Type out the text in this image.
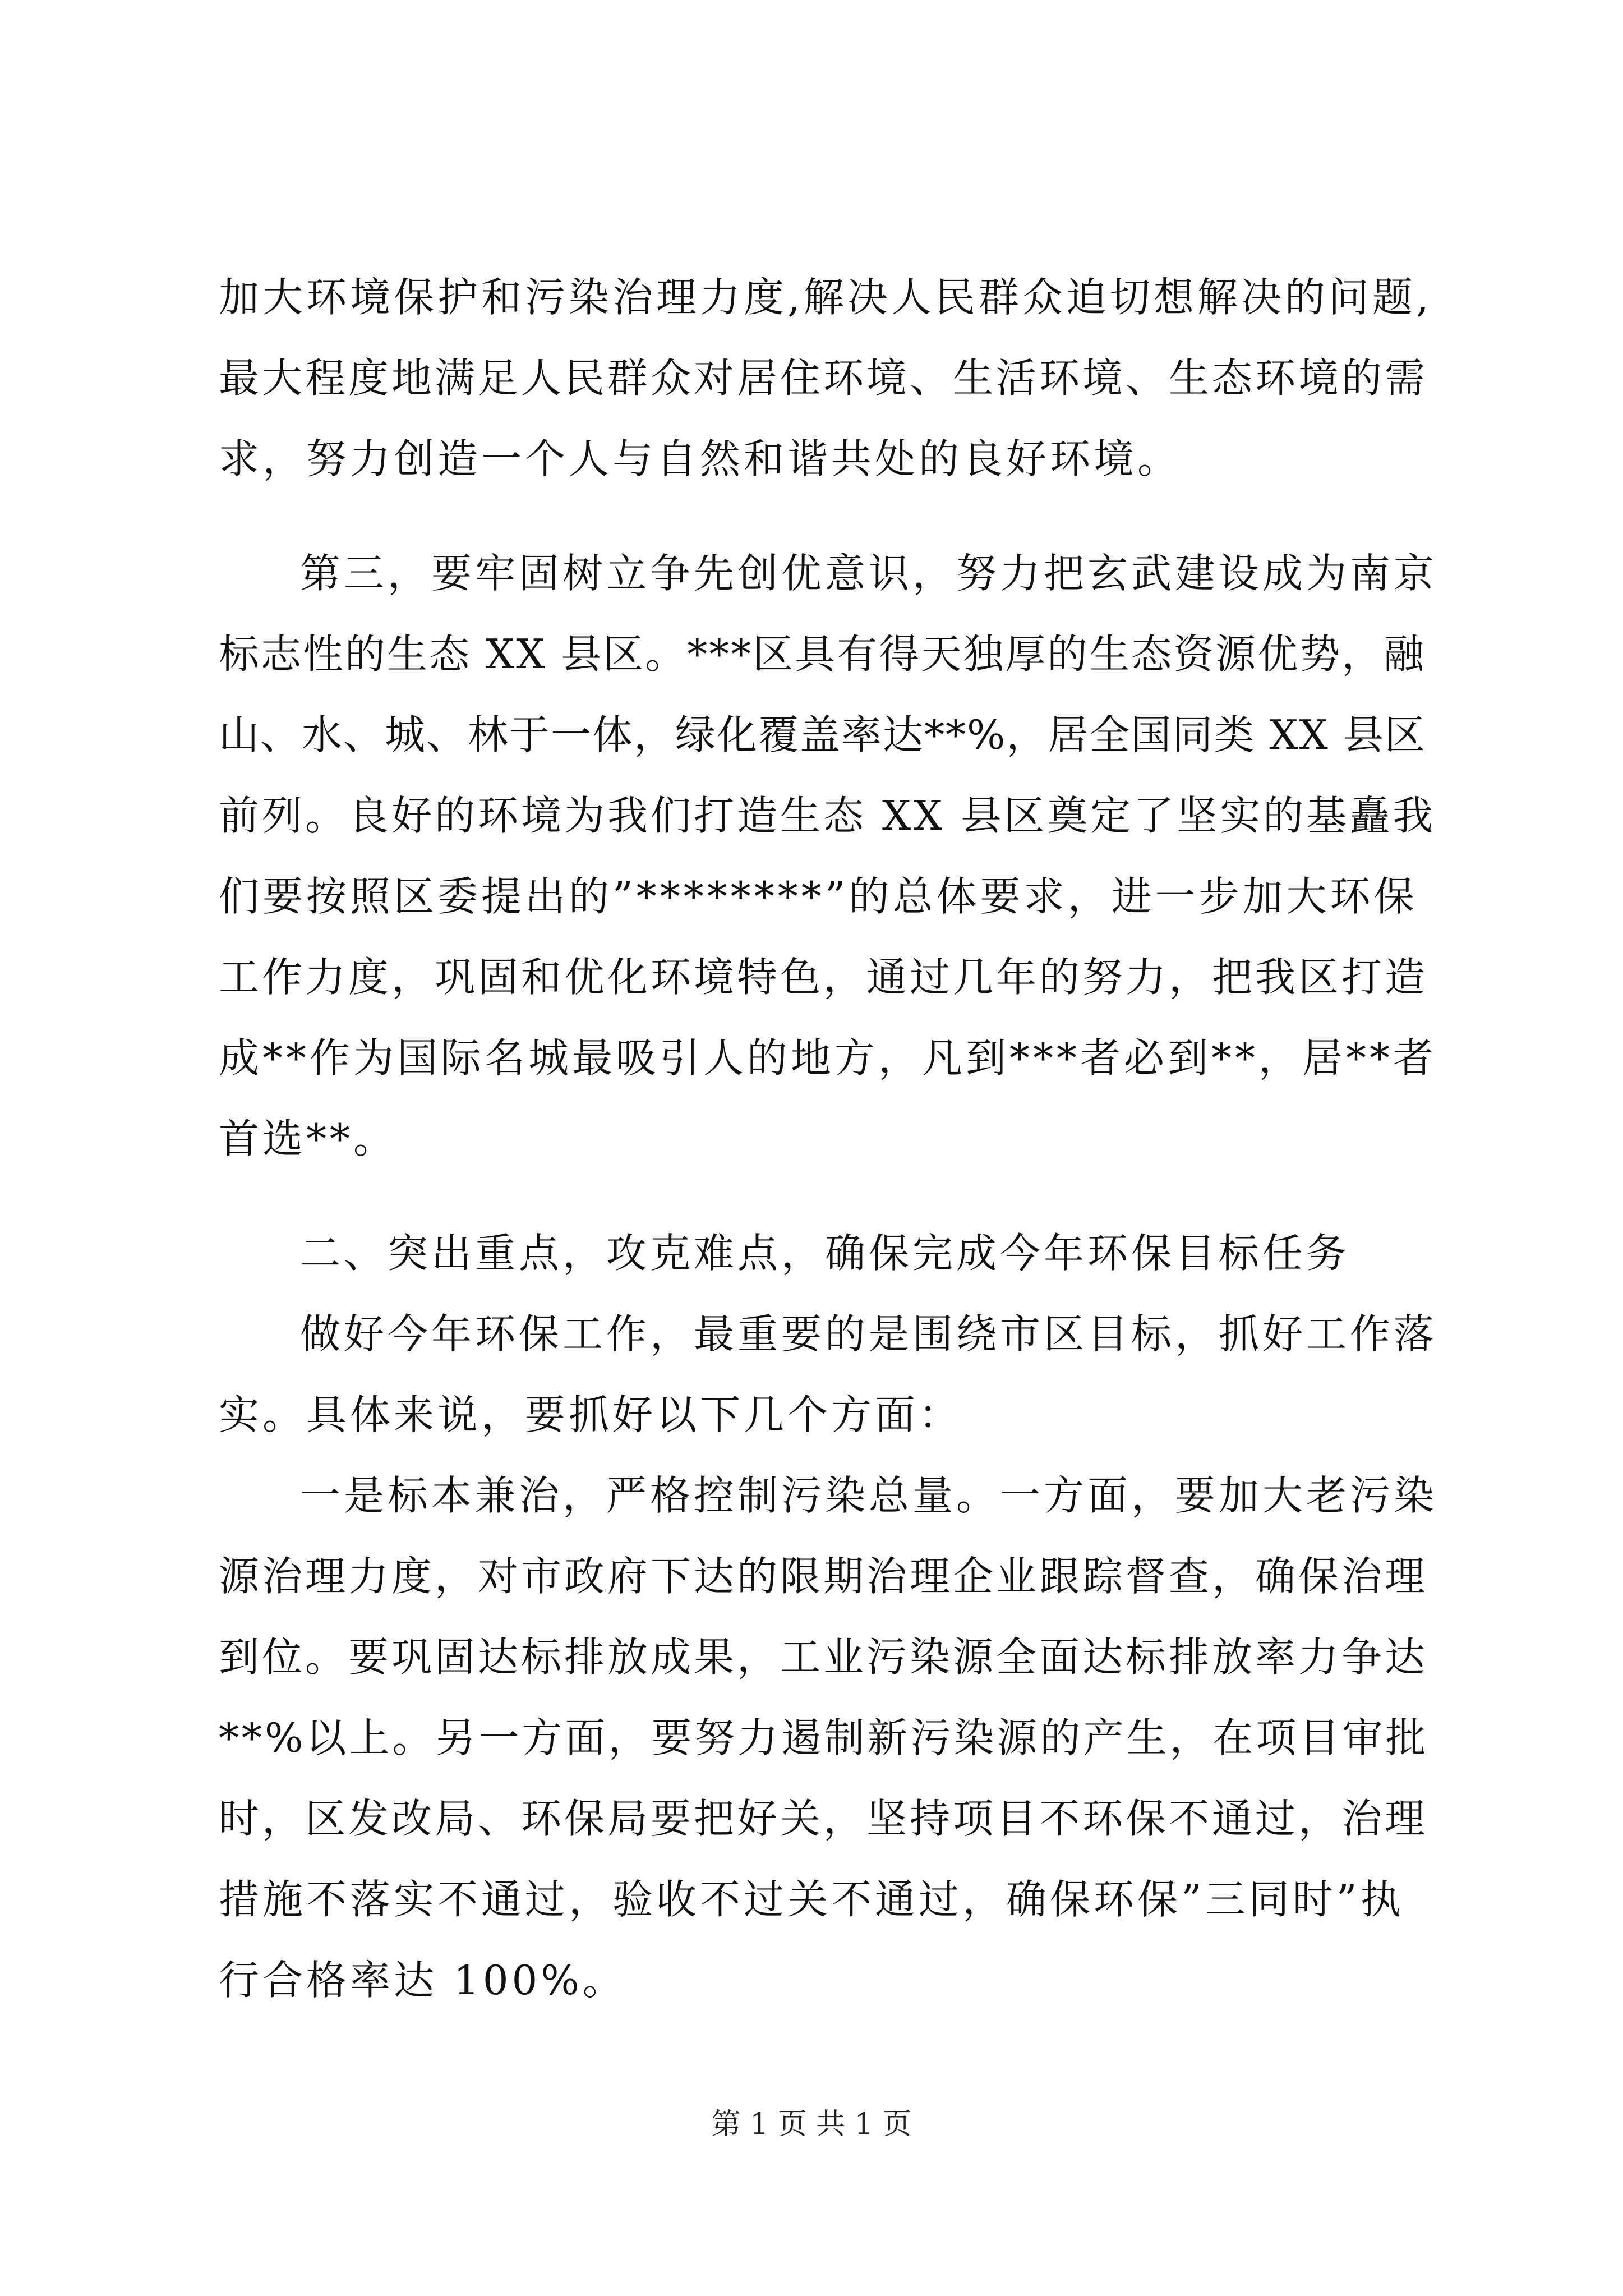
加大环境保护和污染治理力度,解决人民群众迫切想解决的问题,
最大程度地满足人民群众对居住环境、生活环境、生态环境的需
求，努力创造一个人与自然和谐共处的良好环境。
第三，要牢固树立争先创优意识，努力把玄武建设成为南京
标志性的生态 XX 县区。***区具有得天独厚的生态资源优势，融
山、水、城、林于一体，绿化覆盖率达**%，居全国同类 XX 县区
前列。良好的环境为我们打造生态 XX 县区奠定了坚实的基矗我
们要按照区委提出的”********”的总体要求，进一步加大环保
工作力度，巩固和优化环境特色，通过几年的努力，把我区打造
成**作为国际名城最吸引人的地方，凡到***者必到**，居**者
首选**。
二、突出重点，攻克难点，确保完成今年环保目标任务
做好今年环保工作，最重要的是围绕市区目标，抓好工作落
实。具体来说，要抓好以下几个方面：
一是标本兼治，严格控制污染总量。一方面，要加大老污染
源治理力度，对市政府下达的限期治理企业跟踪督查，确保治理
到位。要巩固达标排放成果，工业污染源全面达标排放率力争达
**%以上。另一方面，要努力遏制新污染源的产生，在项目审批
时，区发改局、环保局要把好关，坚持项目不环保不通过，治理
措施不落实不通过，验收不过关不通过，确保环保”三同时”执
行合格率达 100%。
第 1 页 共 1 页
